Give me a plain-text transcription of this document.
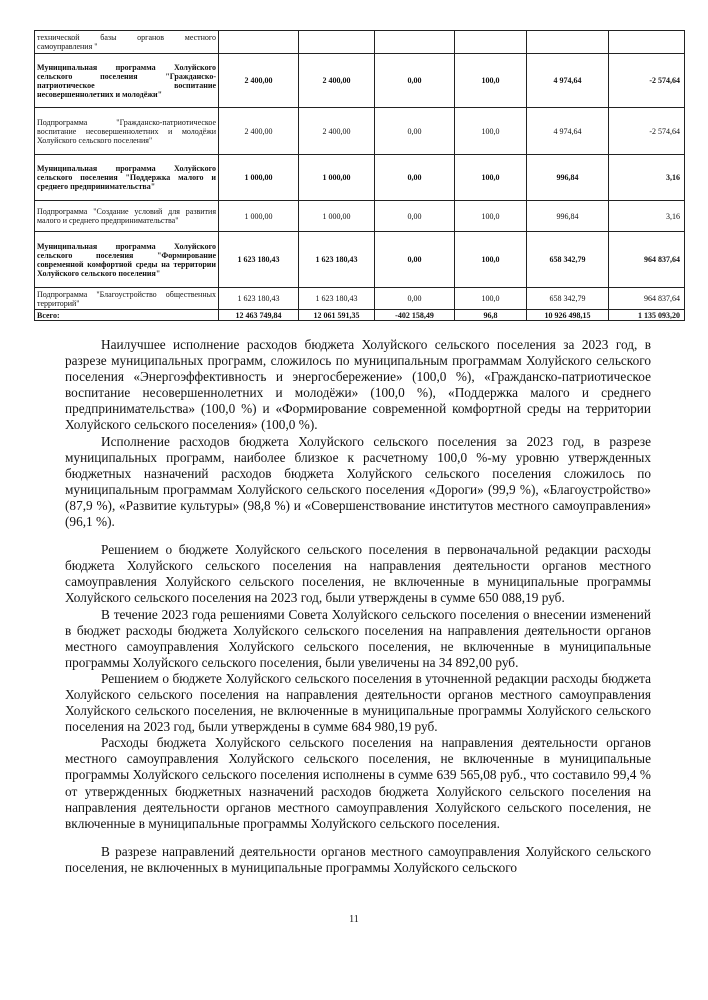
технической базы органов местного самоуправления "						
Муниципальная программа Холуйского сельского поселения "Гражданско-патриотическое воспитание несовершеннолетних и молодёжи"	2 400,00	2 400,00	0,00	100,0	4 974,64	-2 574,64
Подпрограмма "Гражданско-патриотическое воспитание несовершеннолетних и молодёжи Холуйского сельского поселения"	2 400,00	2 400,00	0,00	100,0	4 974,64	-2 574,64
Муниципальная программа Холуйского сельского поселения "Поддержка малого и среднего предпринимательства"	1 000,00	1 000,00	0,00	100,0	996,84	3,16
Подпрограмма "Создание условий для развития малого и среднего предпринимательства"	1 000,00	1 000,00	0,00	100,0	996,84	3,16
Муниципальная программа Холуйского сельского поселения "Формирование современной комфортной среды на территории Холуйского сельского поселения"	1 623 180,43	1 623 180,43	0,00	100,0	658 342,79	964 837,64
Подпрограмма "Благоустройство общественных территорий"	1 623 180,43	1 623 180,43	0,00	100,0	658 342,79	964 837,64
Всего:	12 463 749,84	12 061 591,35	-402 158,49	96,8	10 926 498,15	1 135 093,20

Наилучшее исполнение расходов бюджета Холуйского сельского поселения за 2023 год, в разрезе муниципальных программ, сложилось по муниципальным программам Холуйского сельского поселения «Энергоэффективность и энергосбережение» (100,0 %), «Гражданско-патриотическое воспитание несовершеннолетних и молодёжи» (100,0 %), «Поддержка малого и среднего предпринимательства» (100,0 %) и «Формирование современной комфортной среды на территории Холуйского сельского поселения» (100,0 %).

Исполнение расходов бюджета Холуйского сельского поселения за 2023 год, в разрезе муниципальных программ, наиболее близкое к расчетному 100,0 %-му уровню утвержденных бюджетных назначений расходов бюджета Холуйского сельского поселения сложилось по муниципальным программам Холуйского сельского поселения «Дороги» (99,9 %), «Благоустройство» (87,9 %), «Развитие культуры» (98,8 %) и «Совершенствование институтов местного самоуправления» (96,1 %).

Решением о бюджете Холуйского сельского поселения в первоначальной редакции расходы бюджета Холуйского сельского поселения на направления деятельности органов местного самоуправления Холуйского сельского поселения, не включенные в муниципальные программы Холуйского сельского поселения на 2023 год, были утверждены в сумме 650 088,19 руб.

В течение 2023 года решениями Совета Холуйского сельского поселения о внесении изменений в бюджет расходы бюджета Холуйского сельского поселения на направления деятельности органов местного самоуправления Холуйского сельского поселения, не включенные в муниципальные программы Холуйского сельского поселения, были увеличены на 34 892,00 руб.

Решением о бюджете Холуйского сельского поселения в уточненной редакции расходы бюджета Холуйского сельского поселения на направления деятельности органов местного самоуправления Холуйского сельского поселения, не включенные в муниципальные программы Холуйского сельского поселения на 2023 год, были утверждены в сумме 684 980,19 руб.

Расходы бюджета Холуйского сельского поселения на направления деятельности органов местного самоуправления Холуйского сельского поселения, не включенные в муниципальные программы Холуйского сельского поселения исполнены в сумме 639 565,08 руб., что составило 99,4 % от утвержденных бюджетных назначений расходов бюджета Холуйского сельского поселения на направления деятельности органов местного самоуправления Холуйского сельского поселения, не включенные в муниципальные программы Холуйского сельского поселения.

В разрезе направлений деятельности органов местного самоуправления Холуйского сельского поселения, не включенных в муниципальные программы Холуйского сельского

11
